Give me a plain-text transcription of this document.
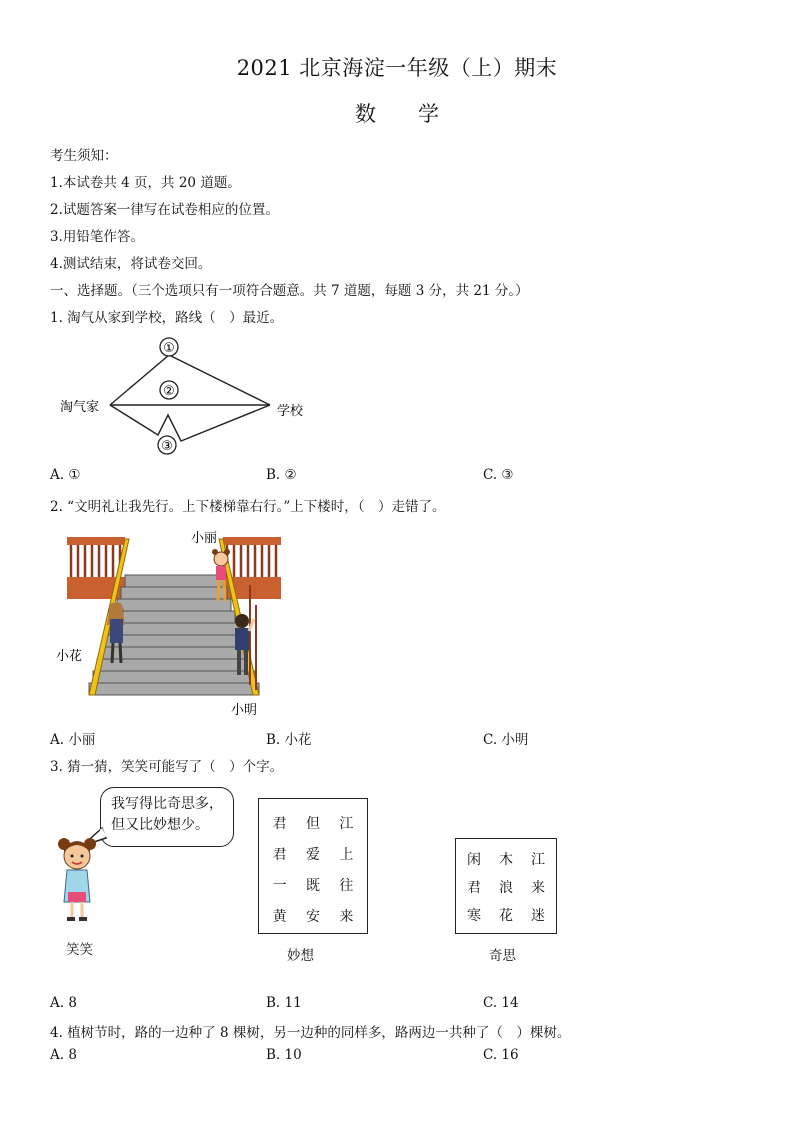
2021 北京海淀一年级（上）期末
数　　学
考生须知：
1.本试卷共 4 页，共 20 道题。
2.试题答案一律写在试卷相应的位置。
3.用铅笔作答。
4.测试结束，将试卷交回。
一、选择题。（三个选项只有一项符合题意。共 7 道题，每题 3 分，共 21 分。）
1. 淘气从家到学校，路线（　）最近。
①
②
③
淘气家	学校
A. ①	B. ②	C. ③
2. “文明礼让我先行。上下楼梯靠右行。”上下楼时，（　）走错了。
小丽
小花
小明
A. 小丽	B. 小花	C. 小明
3. 猜一猜，笑笑可能写了（　）个字。
我写得比奇思多，
但又比妙想少。
笑笑
君	但	江
君	爱	上
一	既	往
黄	安	来
妙想
闲	木	江
君	浪	来
寒	花	迷
奇思
A. 8	B. 11	C. 14
4. 植树节时，路的一边种了 8 棵树，另一边种的同样多，路两边一共种了（　）棵树。
A. 8	B. 10	C. 16
